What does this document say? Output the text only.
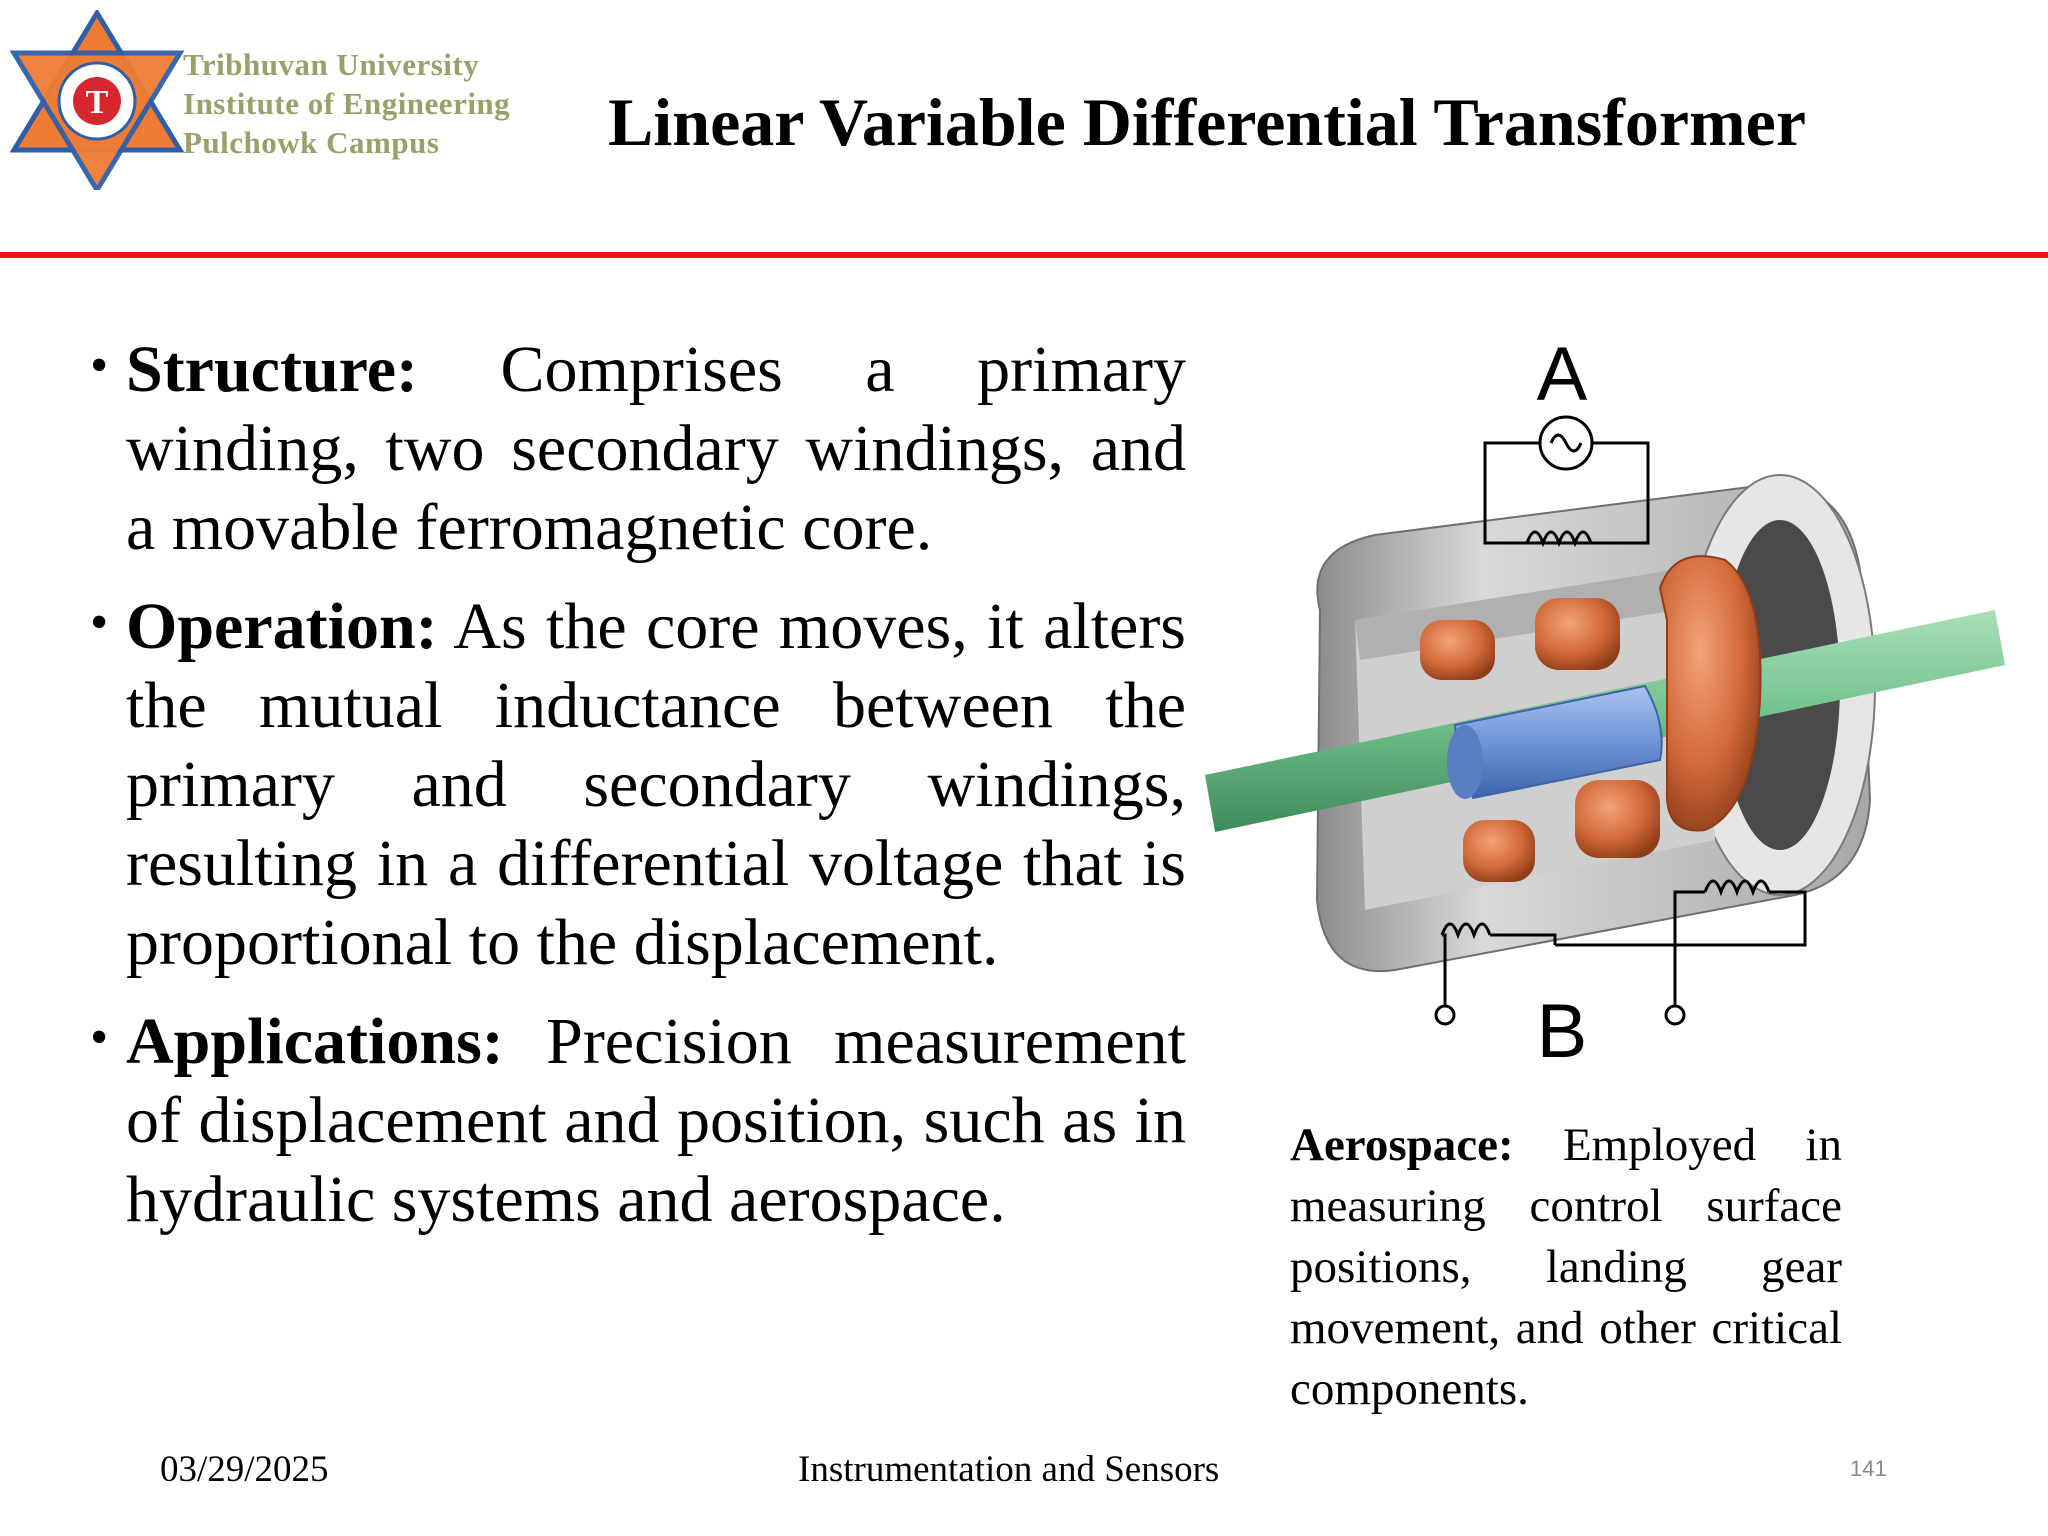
T
Tribhuvan University
Institute of Engineering
Pulchowk Campus	Linear Variable Differential Transformer
• Structure: Comprises a primary winding, two secondary windings, and a movable ferromagnetic core.
• Operation: As the core moves, it alters the mutual inductance between the primary and secondary windings, resulting in a differential voltage that is proportional to the displacement.
• Applications: Precision measurement of displacement and position, such as in hydraulic systems and aerospace.
A
B
Aerospace: Employed in measuring control surface positions, landing gear movement, and other critical components.
03/29/2025	Instrumentation and Sensors	141
